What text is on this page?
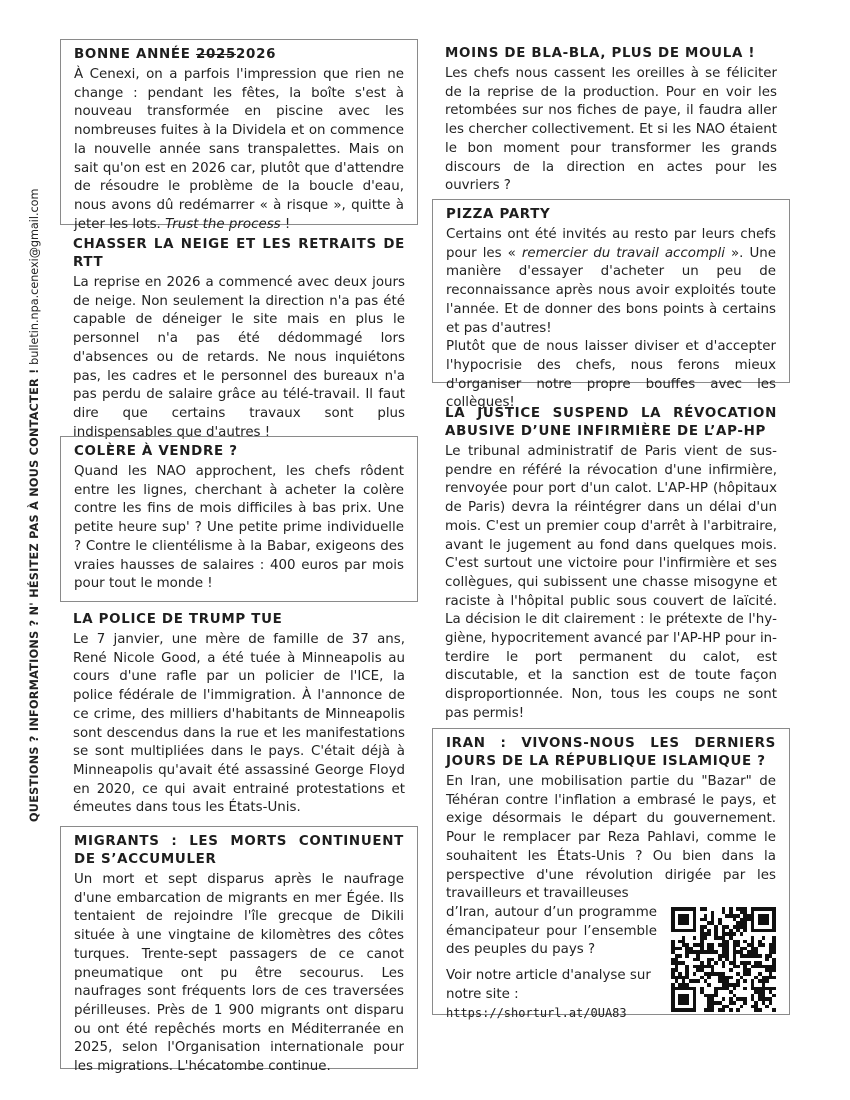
QUESTIONS ? INFORMATIONS ? N' HÉSITEZ PAS À NOUS CONTACTER ! bulletin.npa.cenexi@gmail.com
BONNE ANNÉE 20252026

À Cenexi, on a parfois l'impression que rien ne change : pendant les fêtes, la boîte s'est à nouveau transformée en piscine avec les nombreuses fuites à la Dividela et on commence la nouvelle année sans transpalettes. Mais on sait qu'on est en 2026 car, plutôt que d'attendre de résoudre le problème de la boucle d'eau, nous avons dû redémarrer « à risque », quitte à jeter les lots. Trust the process !

CHASSER LA NEIGE ET LES RETRAITS DE RTT

La reprise en 2026 a commencé avec deux jours de neige. Non seulement la direction n'a pas été capable de déneiger le site mais en plus le personnel n'a pas été dédommagé lors d'absences ou de retards. Ne nous inquiétons pas, les cadres et le personnel des bureaux n'a pas perdu de salaire grâce au télé-travail. Il faut dire que certains travaux sont plus indispensables que d'autres !

COLÈRE À VENDRE ?

Quand les NAO approchent, les chefs rôdent entre les lignes, cherchant à acheter la colère contre les fins de mois difficiles à bas prix. Une petite heure sup' ? Une petite prime individuelle ? Contre le clientélisme à la Babar, exigeons des vraies hausses de salaires : 400 euros par mois pour tout le monde !

LA POLICE DE TRUMP TUE

Le 7 janvier, une mère de famille de 37 ans, René Nicole Good, a été tuée à Minneapolis au cours d'une rafle par un policier de l'ICE, la police fédérale de l'immigration. À l'annonce de ce crime, des milliers d'habitants de Minneapolis sont descendus dans la rue et les manifestations se sont multipliées dans le pays. C'était déjà à Minneapolis qu'avait été assassiné George Floyd en 2020, ce qui avait entrainé protestations et émeutes dans tous les États-Unis.

MIGRANTS : LES MORTS CONTINUENT DE S’ACCUMULER

Un mort et sept disparus après le naufrage d'une embarcation de migrants en mer Égée. Ils tentaient de rejoindre l'île grecque de Dikili située à une vingtaine de kilomètres des côtes turques. Trente-sept passagers de ce canot pneumatique ont pu être secourus. Les naufrages sont fréquents lors de ces traversées périlleuses. Près de 1 900 migrants ont disparu ou ont été repêchés morts en Méditerranée en 2025, selon l'Organisation internationale pour les migrations. L'hécatombe continue.

MOINS DE BLA-BLA, PLUS DE MOULA !

Les chefs nous cassent les oreilles à se féliciter de la reprise de la production. Pour en voir les retombées sur nos fiches de paye, il faudra aller les chercher collectivement. Et si les NAO étaient le bon moment pour transformer les grands discours de la direction en actes pour les ouvriers ?

PIZZA PARTY

Certains ont été invités au resto par leurs chefs pour les « remercier du travail accompli ». Une manière d'essayer d'acheter un peu de reconnaissance après nous avoir exploités toute l'année. Et de donner des bons points à certains et pas d'autres!

Plutôt que de nous laisser diviser et d'accepter l'hypocrisie des chefs, nous ferons mieux d'organiser notre propre bouffes avec les collègues!

LA JUSTICE SUSPEND LA RÉVOCATION ABUSIVE D’UNE INFIRMIÈRE DE L’AP-HP

Le tribunal administratif de Paris vient de suspendre en référé la révocation d'une infirmière, renvoyée pour port d'un calot. L'AP-HP (hôpitaux de Paris) devra la réintégrer dans un délai d'un mois. C'est un premier coup d'arrêt à l'arbitraire, avant le jugement au fond dans quelques mois. C'est surtout une victoire pour l'infirmière et ses collègues, qui subissent une chasse misogyne et raciste à l'hôpital public sous couvert de laïcité. La décision le dit clairement : le prétexte de l'hygiène, hypocritement avancé par l'AP-HP pour interdire le port permanent du calot, est discutable, et la sanction est de toute façon disproportionnée. Non, tous les coups ne sont pas permis!

IRAN : VIVONS-NOUS LES DERNIERS JOURS DE LA RÉPUBLIQUE ISLAMIQUE ?

En Iran, une mobilisation partie du "Bazar" de Téhéran contre l'inflation a embrasé le pays, et exige désormais le départ du gouvernement. Pour le remplacer par Reza Pahlavi, comme le souhaitent les États-Unis ? Ou bien dans la perspective d'une révolution dirigée par les travailleurs et travailleuses

d’Iran, autour d’un programme émancipateur pour l’ensemble des peuples du pays ?

Voir notre article d'analyse sur notre site : https://shorturl.at/0UA83
